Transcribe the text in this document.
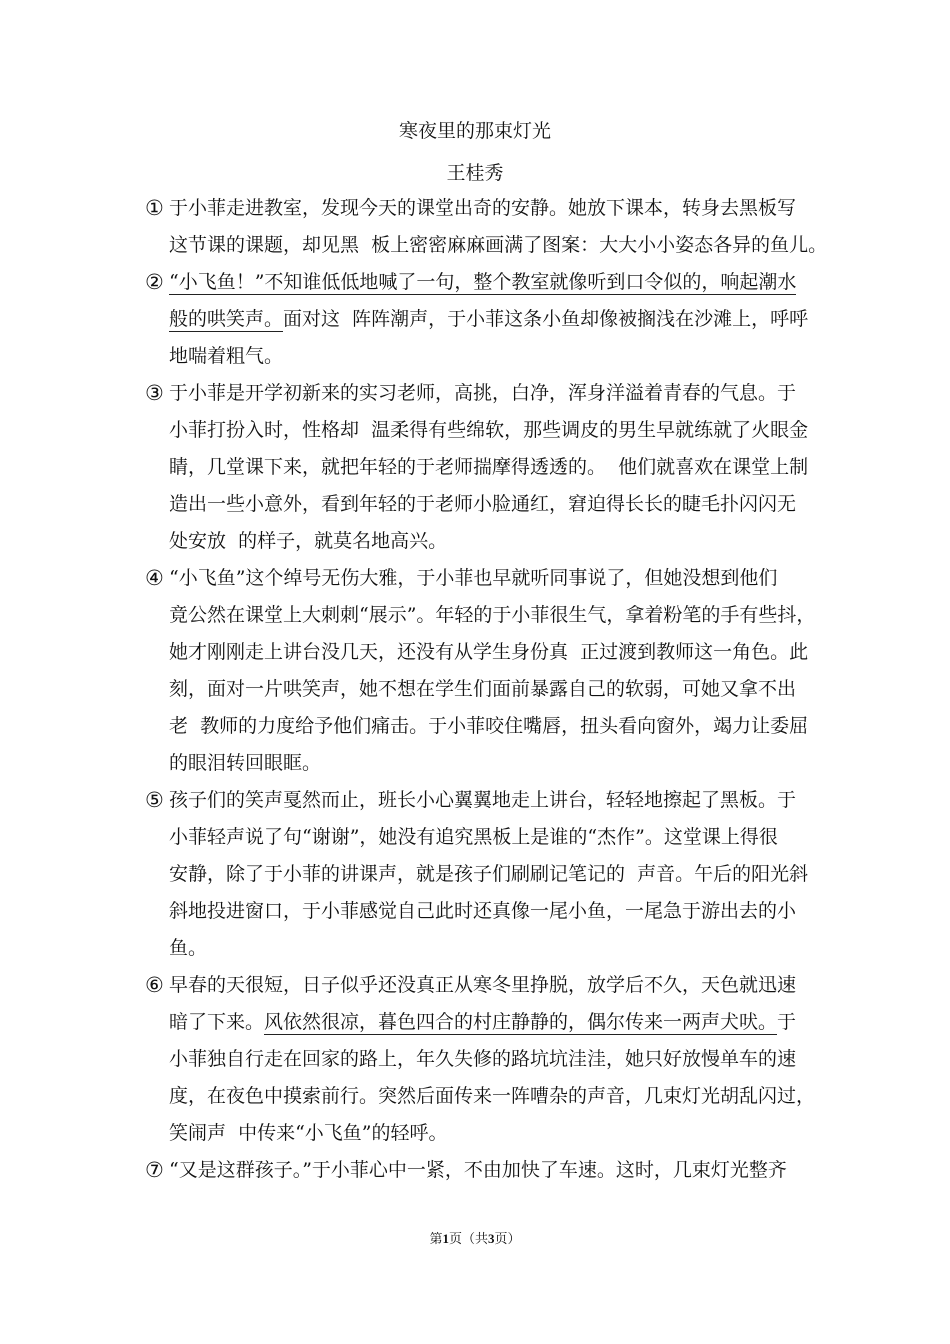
寒夜里的那束灯光
王桂秀
① 于小菲走进教室，发现今天的课堂出奇的安静。她放下课本，转身去黑板写
这节课的课题，却见黑  板上密密麻麻画满了图案：大大小小姿态各异的鱼儿。
② “小飞鱼！”不知谁低低地喊了一句，整个教室就像听到口令似的，响起潮水
般的哄笑声。面对这  阵阵潮声，于小菲这条小鱼却像被搁浅在沙滩上，呼呼
地喘着粗气。
③ 于小菲是开学初新来的实习老师，高挑，白净，浑身洋溢着青春的气息。于
小菲打扮入时，性格却  温柔得有些绵软，那些调皮的男生早就练就了火眼金
睛，几堂课下来，就把年轻的于老师揣摩得透透的。  他们就喜欢在课堂上制
造出一些小意外，看到年轻的于老师小脸通红，窘迫得长长的睫毛扑闪闪无
处安放  的样子，就莫名地高兴。
④ “小飞鱼”这个绰号无伤大雅，于小菲也早就听同事说了，但她没想到他们
竟公然在课堂上大刺刺“展示”。年轻的于小菲很生气，拿着粉笔的手有些抖，
她才刚刚走上讲台没几天，还没有从学生身份真  正过渡到教师这一角色。此
刻，面对一片哄笑声，她不想在学生们面前暴露自己的软弱，可她又拿不出
老  教师的力度给予他们痛击。于小菲咬住嘴唇，扭头看向窗外，竭力让委屈
的眼泪转回眼眶。
⑤ 孩子们的笑声戛然而止，班长小心翼翼地走上讲台，轻轻地擦起了黑板。于
小菲轻声说了句“谢谢”，她没有追究黑板上是谁的“杰作”。这堂课上得很
安静，除了于小菲的讲课声，就是孩子们刷刷记笔记的  声音。午后的阳光斜
斜地投进窗口，于小菲感觉自己此时还真像一尾小鱼，一尾急于游出去的小
鱼。
⑥ 早春的天很短，日子似乎还没真正从寒冬里挣脱，放学后不久，天色就迅速
暗了下来。风依然很凉，暮色四合的村庄静静的，偶尔传来一两声犬吠。于
小菲独自行走在回家的路上，年久失修的路坑坑洼洼，她只好放慢单车的速
度，在夜色中摸索前行。突然后面传来一阵嘈杂的声音，几束灯光胡乱闪过，
笑闹声  中传来“小飞鱼”的轻呼。
⑦ “又是这群孩子。”于小菲心中一紧，不由加快了车速。这时，几束灯光整齐
第1页（共3页）
